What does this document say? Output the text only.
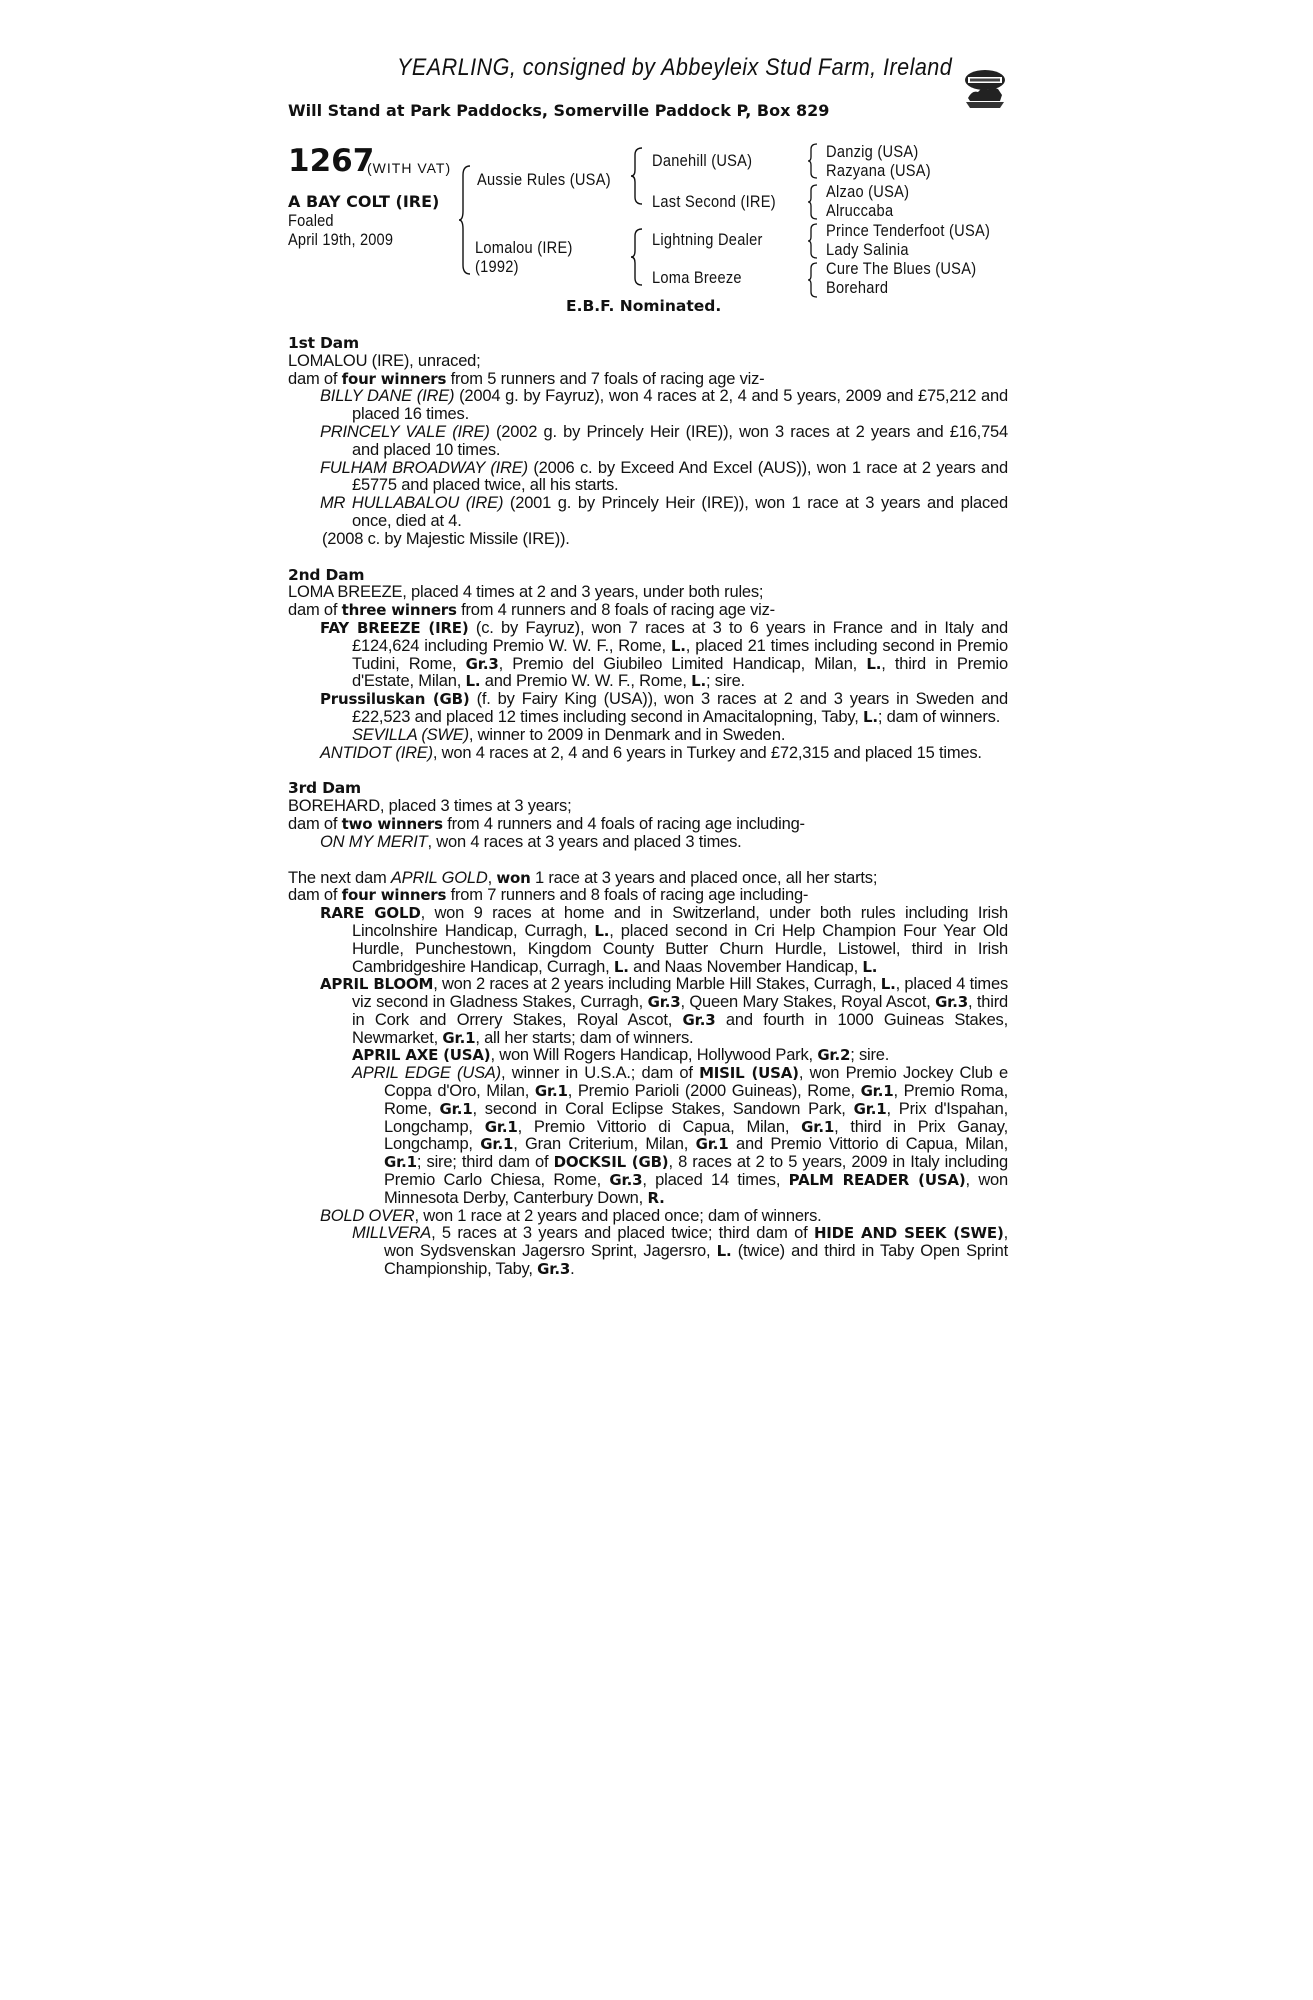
YEARLING, consigned by Abbeyleix Stud Farm, Ireland
Will Stand at Park Paddocks, Somerville Paddock P, Box 829
1267
(WITH VAT)
A BAY COLT (IRE)
Foaled
April 19th, 2009
Aussie Rules (USA)
Lomalou (IRE)
(1992)
Danehill (USA)
Last Second (IRE)
Lightning Dealer
Loma Breeze
Danzig (USA)
Razyana (USA)
Alzao (USA)
Alruccaba
Prince Tenderfoot (USA)
Lady Salinia
Cure The Blues (USA)
Borehard
E.B.F. Nominated.

1st Dam

LOMALOU (IRE), unraced;

dam of four winners from 5 runners and 7 foals of racing age viz-

BILLY DANE (IRE) (2004 g. by Fayruz), won 4 races at 2, 4 and 5 years, 2009 and £75,212 and placed 16 times.

PRINCELY VALE (IRE) (2002 g. by Princely Heir (IRE)), won 3 races at 2 years and £16,754 and placed 10 times.

FULHAM BROADWAY (IRE) (2006 c. by Exceed And Excel (AUS)), won 1 race at 2 years and £5775 and placed twice, all his starts.

MR HULLABALOU (IRE) (2001 g. by Princely Heir (IRE)), won 1 race at 3 years and placed once, died at 4.

(2008 c. by Majestic Missile (IRE)).

2nd Dam

LOMA BREEZE, placed 4 times at 2 and 3 years, under both rules;

dam of three winners from 4 runners and 8 foals of racing age viz-

FAY BREEZE (IRE) (c. by Fayruz), won 7 races at 3 to 6 years in France and in Italy and £124,624 including Premio W. W. F., Rome, L., placed 21 times including second in Premio Tudini, Rome, Gr.3, Premio del Giubileo Limited Handicap, Milan, L., third in Premio d'Estate, Milan, L. and Premio W. W. F., Rome, L.; sire.

Prussiluskan (GB) (f. by Fairy King (USA)), won 3 races at 2 and 3 years in Sweden and £22,523 and placed 12 times including second in Amacitalopning, Taby, L.; dam of winners.

SEVILLA (SWE), winner to 2009 in Denmark and in Sweden.

ANTIDOT (IRE), won 4 races at 2, 4 and 6 years in Turkey and £72,315 and placed 15 times.

3rd Dam

BOREHARD, placed 3 times at 3 years;

dam of two winners from 4 runners and 4 foals of racing age including-

ON MY MERIT, won 4 races at 3 years and placed 3 times.

The next dam APRIL GOLD, won 1 race at 3 years and placed once, all her starts;

dam of four winners from 7 runners and 8 foals of racing age including-

RARE GOLD, won 9 races at home and in Switzerland, under both rules including Irish Lincolnshire Handicap, Curragh, L., placed second in Cri Help Champion Four Year Old Hurdle, Punchestown, Kingdom County Butter Churn Hurdle, Listowel, third in Irish Cambridgeshire Handicap, Curragh, L. and Naas November Handicap, L.

APRIL BLOOM, won 2 races at 2 years including Marble Hill Stakes, Curragh, L., placed 4 times viz second in Gladness Stakes, Curragh, Gr.3, Queen Mary Stakes, Royal Ascot, Gr.3, third in Cork and Orrery Stakes, Royal Ascot, Gr.3 and fourth in 1000 Guineas Stakes, Newmarket, Gr.1, all her starts; dam of winners.

APRIL AXE (USA), won Will Rogers Handicap, Hollywood Park, Gr.2; sire.

APRIL EDGE (USA), winner in U.S.A.; dam of MISIL (USA), won Premio Jockey Club e Coppa d'Oro, Milan, Gr.1, Premio Parioli (2000 Guineas), Rome, Gr.1, Premio Roma, Rome, Gr.1, second in Coral Eclipse Stakes, Sandown Park, Gr.1, Prix d'Ispahan, Longchamp, Gr.1, Premio Vittorio di Capua, Milan, Gr.1, third in Prix Ganay, Longchamp, Gr.1, Gran Criterium, Milan, Gr.1 and Premio Vittorio di Capua, Milan, Gr.1; sire; third dam of DOCKSIL (GB), 8 races at 2 to 5 years, 2009 in Italy including Premio Carlo Chiesa, Rome, Gr.3, placed 14 times, PALM READER (USA), won Minnesota Derby, Canterbury Down, R.

BOLD OVER, won 1 race at 2 years and placed once; dam of winners.

MILLVERA, 5 races at 3 years and placed twice; third dam of HIDE AND SEEK (SWE), won Sydsvenskan Jagersro Sprint, Jagersro, L. (twice) and third in Taby Open Sprint Championship, Taby, Gr.3.
